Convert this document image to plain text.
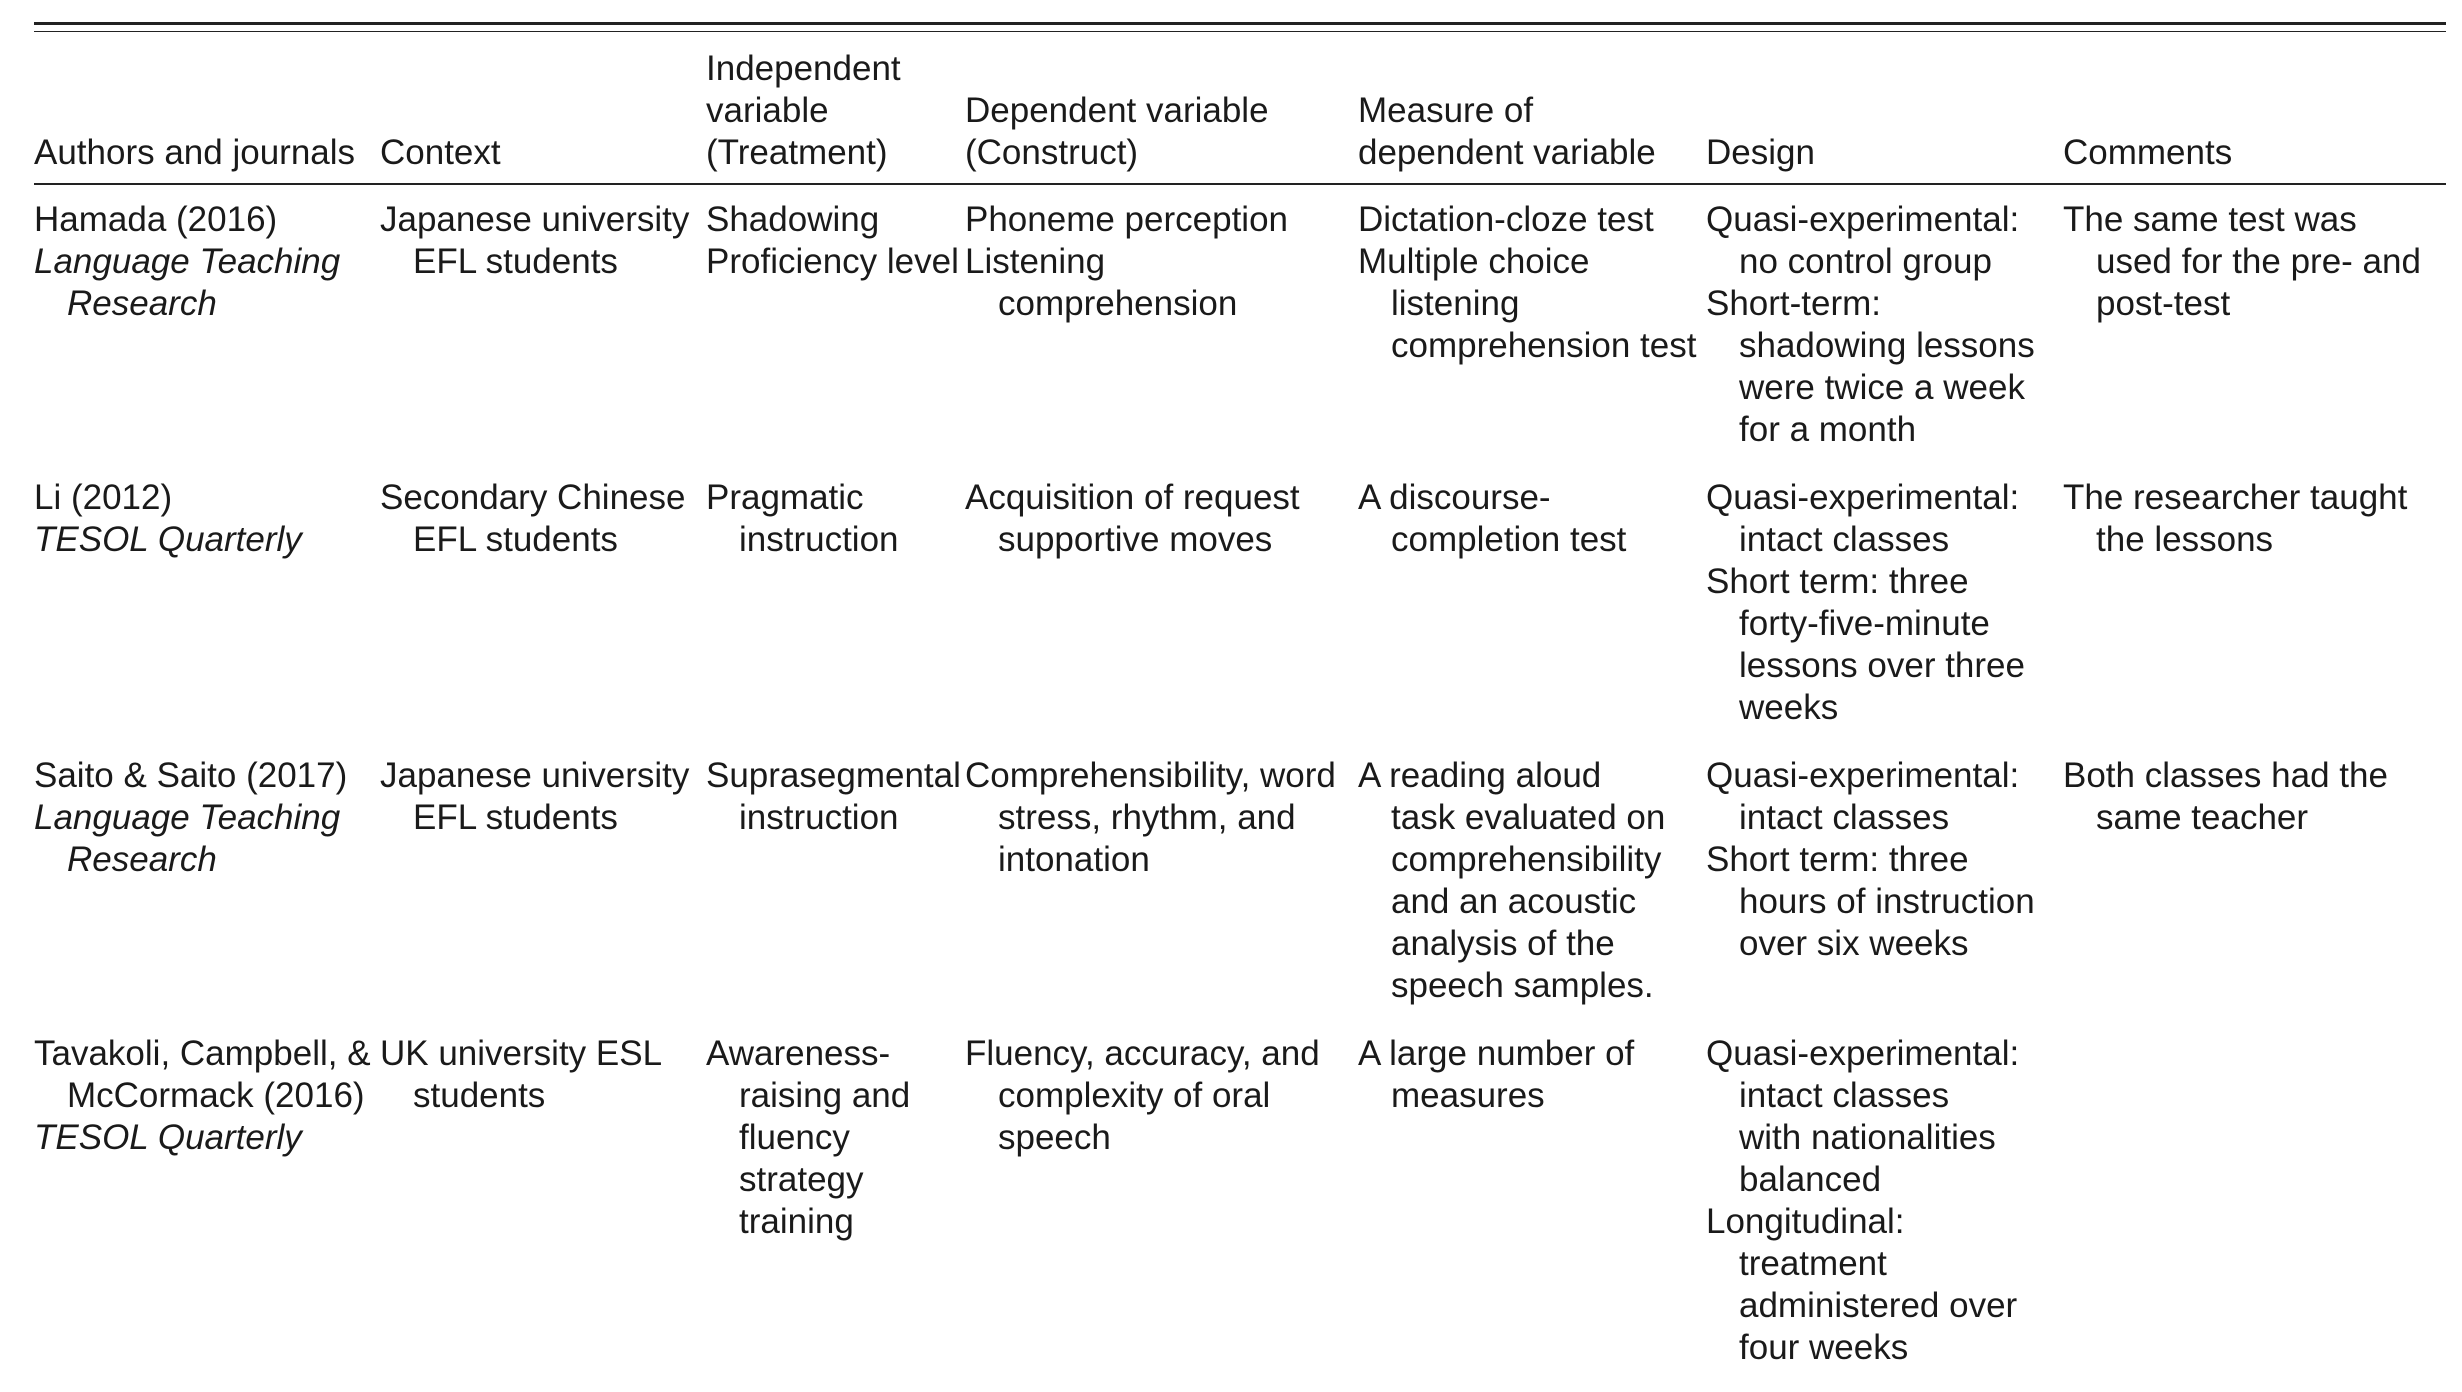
Authors and journals Context
Independent
variable
(Treatment)
Dependent variable
(Construct)
Measure of
dependent variable Design	Comments
Hamada (2016)
Language Teaching
Research
Japanese university
EFL students
Shadowing
Proficiency level
Phoneme perception
Listening
comprehension
Dictation-cloze test
Multiple choice
listening
comprehension test
Quasi-experimental:
no control group
Short-term:
shadowing lessons
were twice a week
for a month
The same test was
used for the pre- and
post-test
Li (2012)
TESOL Quarterly
Secondary Chinese
EFL students
Pragmatic
instruction
Acquisition of request
supportive moves
A discourse-
completion test
Quasi-experimental:
intact classes
Short term: three
forty-five-minute
lessons over three
weeks
The researcher taught
the lessons
Saito & Saito (2017)
Language Teaching
Research
Japanese university
EFL students
Suprasegmental
instruction
Comprehensibility, word
stress, rhythm, and
intonation
A reading aloud
task evaluated on
comprehensibility
and an acoustic
analysis of the
speech samples.
Quasi-experimental:
intact classes
Short term: three
hours of instruction
over six weeks
Both classes had the
same teacher
Tavakoli, Campbell, &
McCormack (2016)
TESOL Quarterly
UK university ESL
students
Awareness-
raising and
fluency
strategy
training
Fluency, accuracy, and
complexity of oral
speech
A large number of
measures
Quasi-experimental:
intact classes
with nationalities
balanced
Longitudinal:
treatment
administered over
four weeks
